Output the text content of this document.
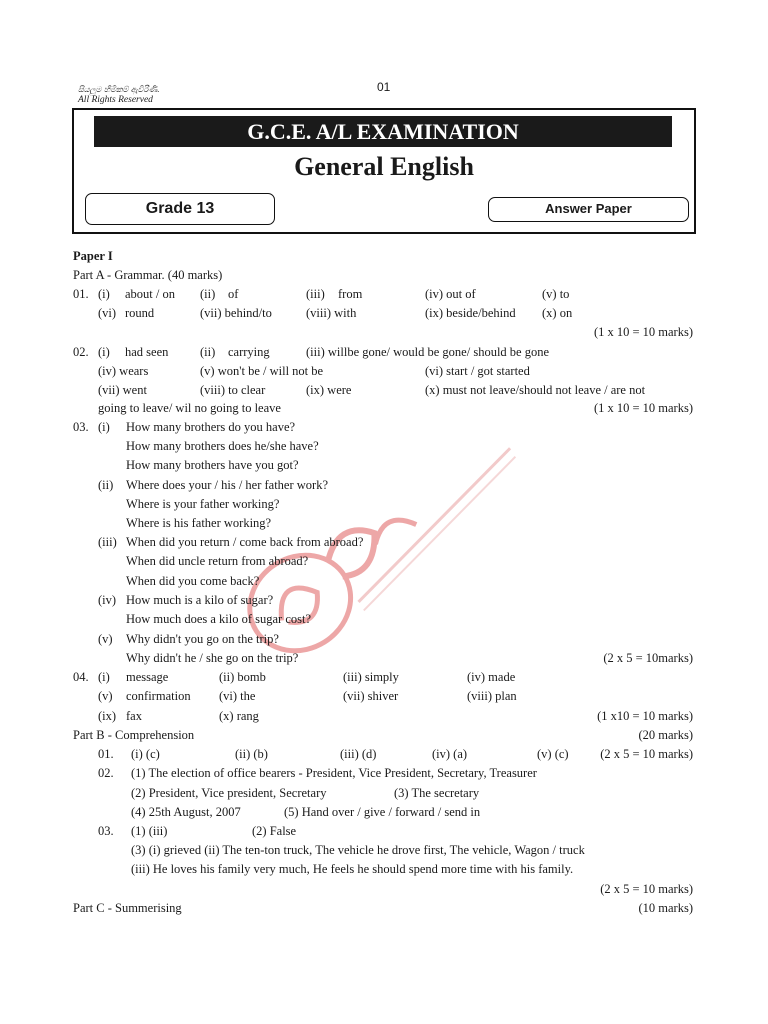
සියලුම හිමිකම් ඇවිරිණි.
All Rights Reserved
01
G.C.E. A/L EXAMINATION
General English
Grade 13	Answer Paper
Paper I
Part A - Grammar. (40 marks)
01. (i) about / on (ii) of	(iii) from	(iv) out of	(v) to
(vi) round	(vii) behind/to	(viii) with	(ix) beside/behind (x) on
(1 x 10 = 10 marks)
02. (i) had seen	(ii) carrying	(iii) willbe gone/ would be gone/ should be gone
(iv) wears	(v) won't be / will not be	(vi) start / got started
(vii) went	(viii) to clear	(ix) were	(x) must not leave/should not leave / are not
going to leave/ wil no going to leave	(1 x 10 = 10 marks)
03. (i) How many brothers do you have?
How many brothers does he/she have?
How many brothers have you got?
(ii) Where does your / his / her father work?
Where is your father working?
Where is his father working?
(iii) When did you return / come back from abroad?
When did uncle return from abroad?
When did you come back?
(iv) How much is a kilo of sugar?
How much does a kilo of sugar cost?
(v) Why didn't you go on the trip?
Why didn't he / she go on the trip?	(2 x 5 = 10marks)
04. (i) message	(ii) bomb	(iii) simply	(iv) made
(v) confirmation (vi) the	(vii) shiver	(viii) plan
(ix) fax	(x) rang	(1 x10 = 10 marks)
Part B - Comprehension	(20 marks)
01. (i) (c)	(ii) (b)	(iii) (d)	(iv) (a)	(v) (c)	(2 x 5 = 10 marks)
02. (1) The election of office bearers - President, Vice President, Secretary, Treasurer
(2) President, Vice president, Secretary	(3) The secretary
(4) 25th August, 2007	(5) Hand over / give / forward / send in
03. (1) (iii)	(2) False
(3) (i) grieved (ii) The ten-ton truck, The vehicle he drove first, The vehicle, Wagon / truck
(iii) He loves his family very much, He feels he should spend more time with his family.
(2 x 5 = 10 marks)
Part C - Summerising	(10 marks)
